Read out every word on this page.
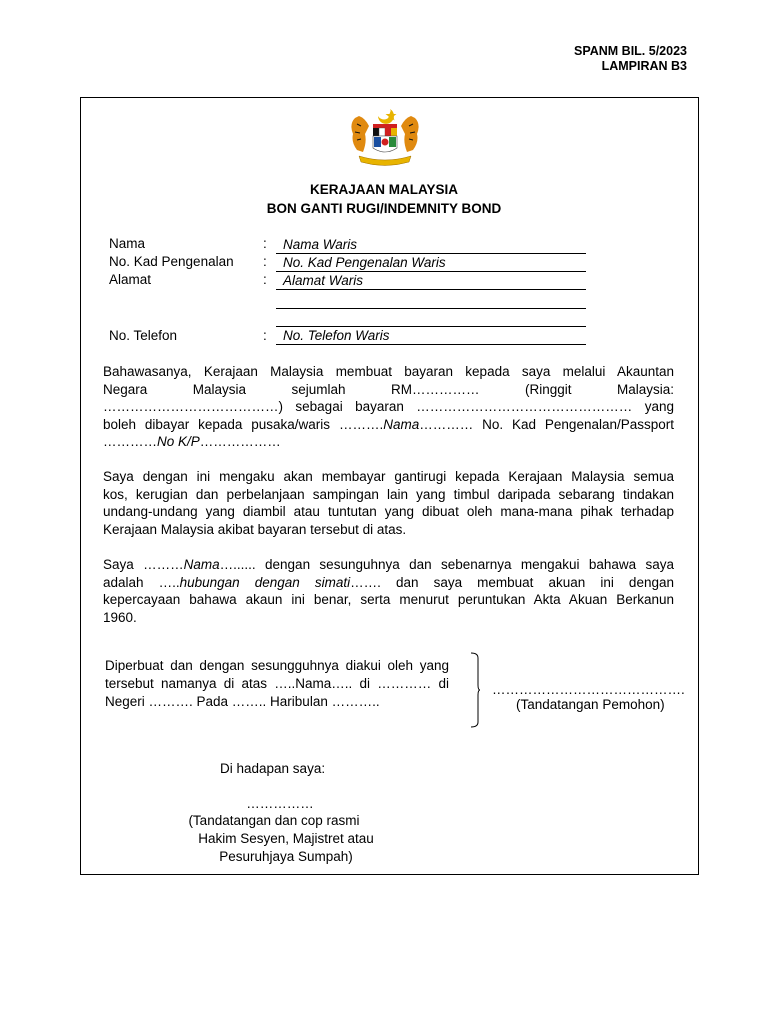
SPANM BIL. 5/2023
LAMPIRAN B3
KERAJAAN MALAYSIA
BON GANTI RUGI/INDEMNITY BOND
Nama	:	Nama Waris
No. Kad Pengenalan :	No. Kad Pengenalan Waris
Alamat	:	Alamat Waris
No. Telefon	:	No. Telefon Waris
Bahawasanya, Kerajaan Malaysia membuat bayaran kepada saya melalui Akauntan
Negara Malaysia sejumlah RM…………… (Ringgit Malaysia:
…………………………………) sebagai bayaran ………………………………………… yang
boleh dibayar kepada pusaka/waris ……….Nama………… No. Kad Pengenalan/Passport
…………No K/P………………
Saya dengan ini mengaku akan membayar gantirugi kepada Kerajaan Malaysia semua
kos, kerugian dan perbelanjaan sampingan lain yang timbul daripada sebarang tindakan
undang-undang yang diambil atau tuntutan yang dibuat oleh mana-mana pihak terhadap
Kerajaan Malaysia akibat bayaran tersebut di atas.
Saya ………Nama…...... dengan sesunguhnya dan sebenarnya mengakui bahawa saya
adalah …..hubungan dengan simati……. dan saya membuat akuan ini dengan
kepercayaan bahawa akaun ini benar, serta menurut peruntukan Akta Akuan Berkanun
1960.
Diperbuat dan dengan sesungguhnya diakui oleh yang
tersebut namanya di atas …..Nama….. di ………… di
Negeri ………. Pada …….. Haribulan ………..
…………………………………….
(Tandatangan Pemohon)
Di hadapan saya:
……………
(Tandatangan dan cop rasmi
Hakim Sesyen, Majistret atau
Pesuruhjaya Sumpah)
